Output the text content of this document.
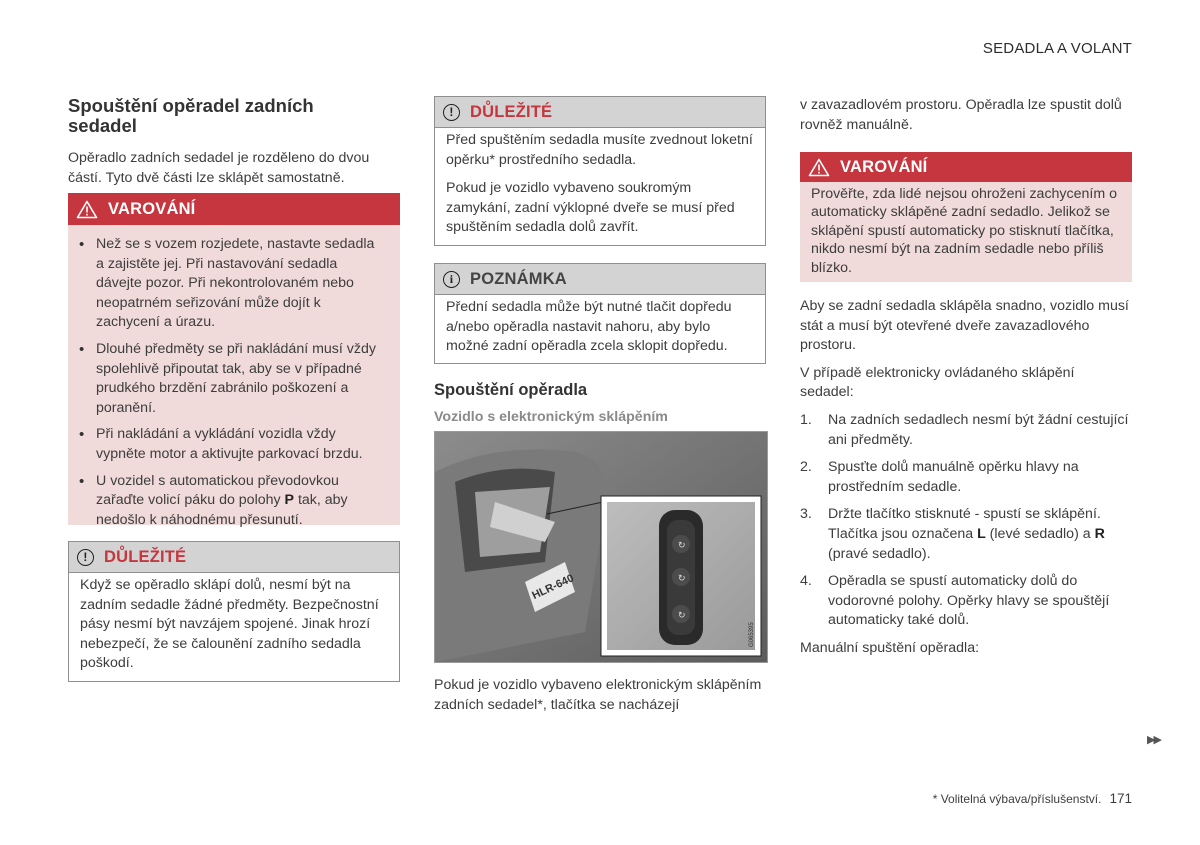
SEDADLA A VOLANT
Spouštění opěradel zadních sedadel

Opěradlo zadních sedadel je rozděleno do dvou částí. Tyto dvě části lze sklápět samostatně.

VAROVÁNÍ
• Než se s vozem rozjedete, nastavte sedadla a zajistěte jej. Při nastavování sedadla dávejte pozor. Při nekontrolovaném nebo neopatrném seřizování může dojít k zachycení a úrazu.
• Dlouhé předměty se při nakládání musí vždy spolehlivě připoutat tak, aby se v případné prudkého brzdění zabránilo poškození a poranění.
• Při nakládání a vykládání vozidla vždy vypněte motor a aktivujte parkovací brzdu.
• U vozidel s automatickou převodovkou zařaďte volicí páku do polohy P tak, aby nedošlo k náhodnému přesunutí.
! DŮLEŽITÉ

Když se opěradlo sklápí dolů, nesmí být na zadním sedadle žádné předměty. Bezpečnostní pásy nesmí být navzájem spojené. Jinak hrozí nebezpečí, že se čalounění zadního sedadla poškodí.

! DŮLEŽITÉ

Před spuštěním sedadla musíte zvednout loketní opěrku* prostředního sedadla.

Pokud je vozidlo vybaveno soukromým zamykání, zadní výklopné dveře se musí před spuštěním sedadla dolů zavřít.

i	POZNÁMKA

Přední sedadla může být nutné tlačit dopředu a/nebo opěradla nastavit nahoru, aby bylo možné zadní opěradla zcela sklopit dopředu.

Spouštění opěradla
Vozidlo s elektronickým sklápěním
HLR-640
↻
↻
↻
G065395

Pokud je vozidlo vybaveno elektronickým sklápěním zadních sedadel*, tlačítka se nacházejí

v zavazadlovém prostoru. Opěradla lze spustit dolů rovněž manuálně.

VAROVÁNÍ

Prověřte, zda lidé nejsou ohroženi zachycením o automaticky sklápěné zadní sedadlo. Jelikož se sklápění spustí automaticky po stisknutí tlačítka, nikdo nesmí být na zadním sedadle nebo příliš blízko.

Aby se zadní sedadla sklápěla snadno, vozidlo musí stát a musí být otevřené dveře zavazadlového prostoru.

V případě elektronicky ovládaného sklápění sedadel:

1. Na zadních sedadlech nesmí být žádní cestující ani předměty.
2. Spusťte dolů manuálně opěrku hlavy na prostředním sedadle.
3. Držte tlačítko stisknuté - spustí se sklápění. Tlačítka jsou označena L (levé sedadlo) a R (pravé sedadlo).
4. Opěradla se spustí automaticky dolů do vodorovné polohy. Opěrky hlavy se spouštějí automaticky také dolů.

Manuální spuštění opěradla:

▶▶
* Volitelná výbava/příslušenství. 171
